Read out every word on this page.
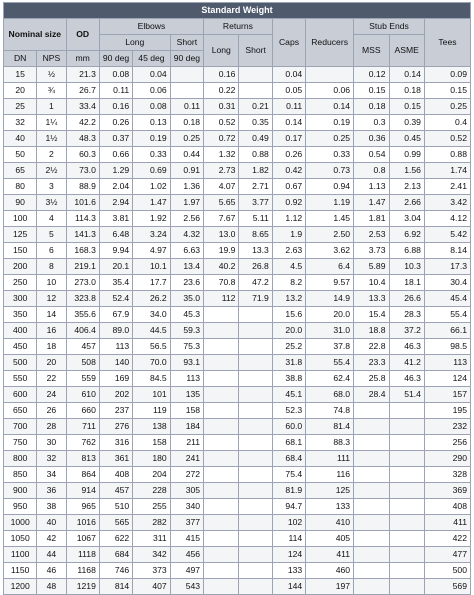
Standard Weight												
Nominal size		OD	Elbows			Returns		Caps	Reducers	Stub Ends		Tees
			Long		Short	Long	Short			MSS	ASME	
DN	NPS	mm	90 deg	45 deg	90 deg							
15	½	21.3	0.08	0.04		0.16		0.04		0.12	0.14	0.09
20	¾	26.7	0.11	0.06		0.22		0.05	0.06	0.15	0.18	0.15
25	1	33.4	0.16	0.08	0.11	0.31	0.21	0.11	0.14	0.18	0.15	0.25
32	1¼	42.2	0.26	0.13	0.18	0.52	0.35	0.14	0.19	0.3	0.39	0.4
40	1½	48.3	0.37	0.19	0.25	0.72	0.49	0.17	0.25	0.36	0.45	0.52
50	2	60.3	0.66	0.33	0.44	1.32	0.88	0.26	0.33	0.54	0.99	0.88
65	2½	73.0	1.29	0.69	0.91	2.73	1.82	0.42	0.73	0.8	1.56	1.74
80	3	88.9	2.04	1.02	1.36	4.07	2.71	0.67	0.94	1.13	2.13	2.41
90	3½	101.6	2.94	1.47	1.97	5.65	3.77	0.92	1.19	1.47	2.66	3.42
100	4	114.3	3.81	1.92	2.56	7.67	5.11	1.12	1.45	1.81	3.04	4.12
125	5	141.3	6.48	3.24	4.32	13.0	8.65	1.9	2.50	2.53	6.92	5.42
150	6	168.3	9.94	4.97	6.63	19.9	13.3	2.63	3.62	3.73	6.88	8.14
200	8	219.1	20.1	10.1	13.4	40.2	26.8	4.5	6.4	5.89	10.3	17.3
250	10	273.0	35.4	17.7	23.6	70.8	47.2	8.2	9.57	10.4	18.1	30.4
300	12	323.8	52.4	26.2	35.0	112	71.9	13.2	14.9	13.3	26.6	45.4
350	14	355.6	67.9	34.0	45.3			15.6	20.0	15.4	28.3	55.4
400	16	406.4	89.0	44.5	59.3			20.0	31.0	18.8	37.2	66.1
450	18	457	113	56.5	75.3			25.2	37.8	22.8	46.3	98.5
500	20	508	140	70.0	93.1			31.8	55.4	23.3	41.2	113
550	22	559	169	84.5	113			38.8	62.4	25.8	46.3	124
600	24	610	202	101	135			45.1	68.0	28.4	51.4	157
650	26	660	237	119	158			52.3	74.8			195
700	28	711	276	138	184			60.0	81.4			232
750	30	762	316	158	211			68.1	88.3			256
800	32	813	361	180	241			68.4	111			290
850	34	864	408	204	272			75.4	116			328
900	36	914	457	228	305			81.9	125			369
950	38	965	510	255	340			94.7	133			408
1000	40	1016	565	282	377			102	410			411
1050	42	1067	622	311	415			114	405			422
1100	44	1118	684	342	456			124	411			477
1150	46	1168	746	373	497			133	460			500
1200	48	1219	814	407	543			144	197			569
